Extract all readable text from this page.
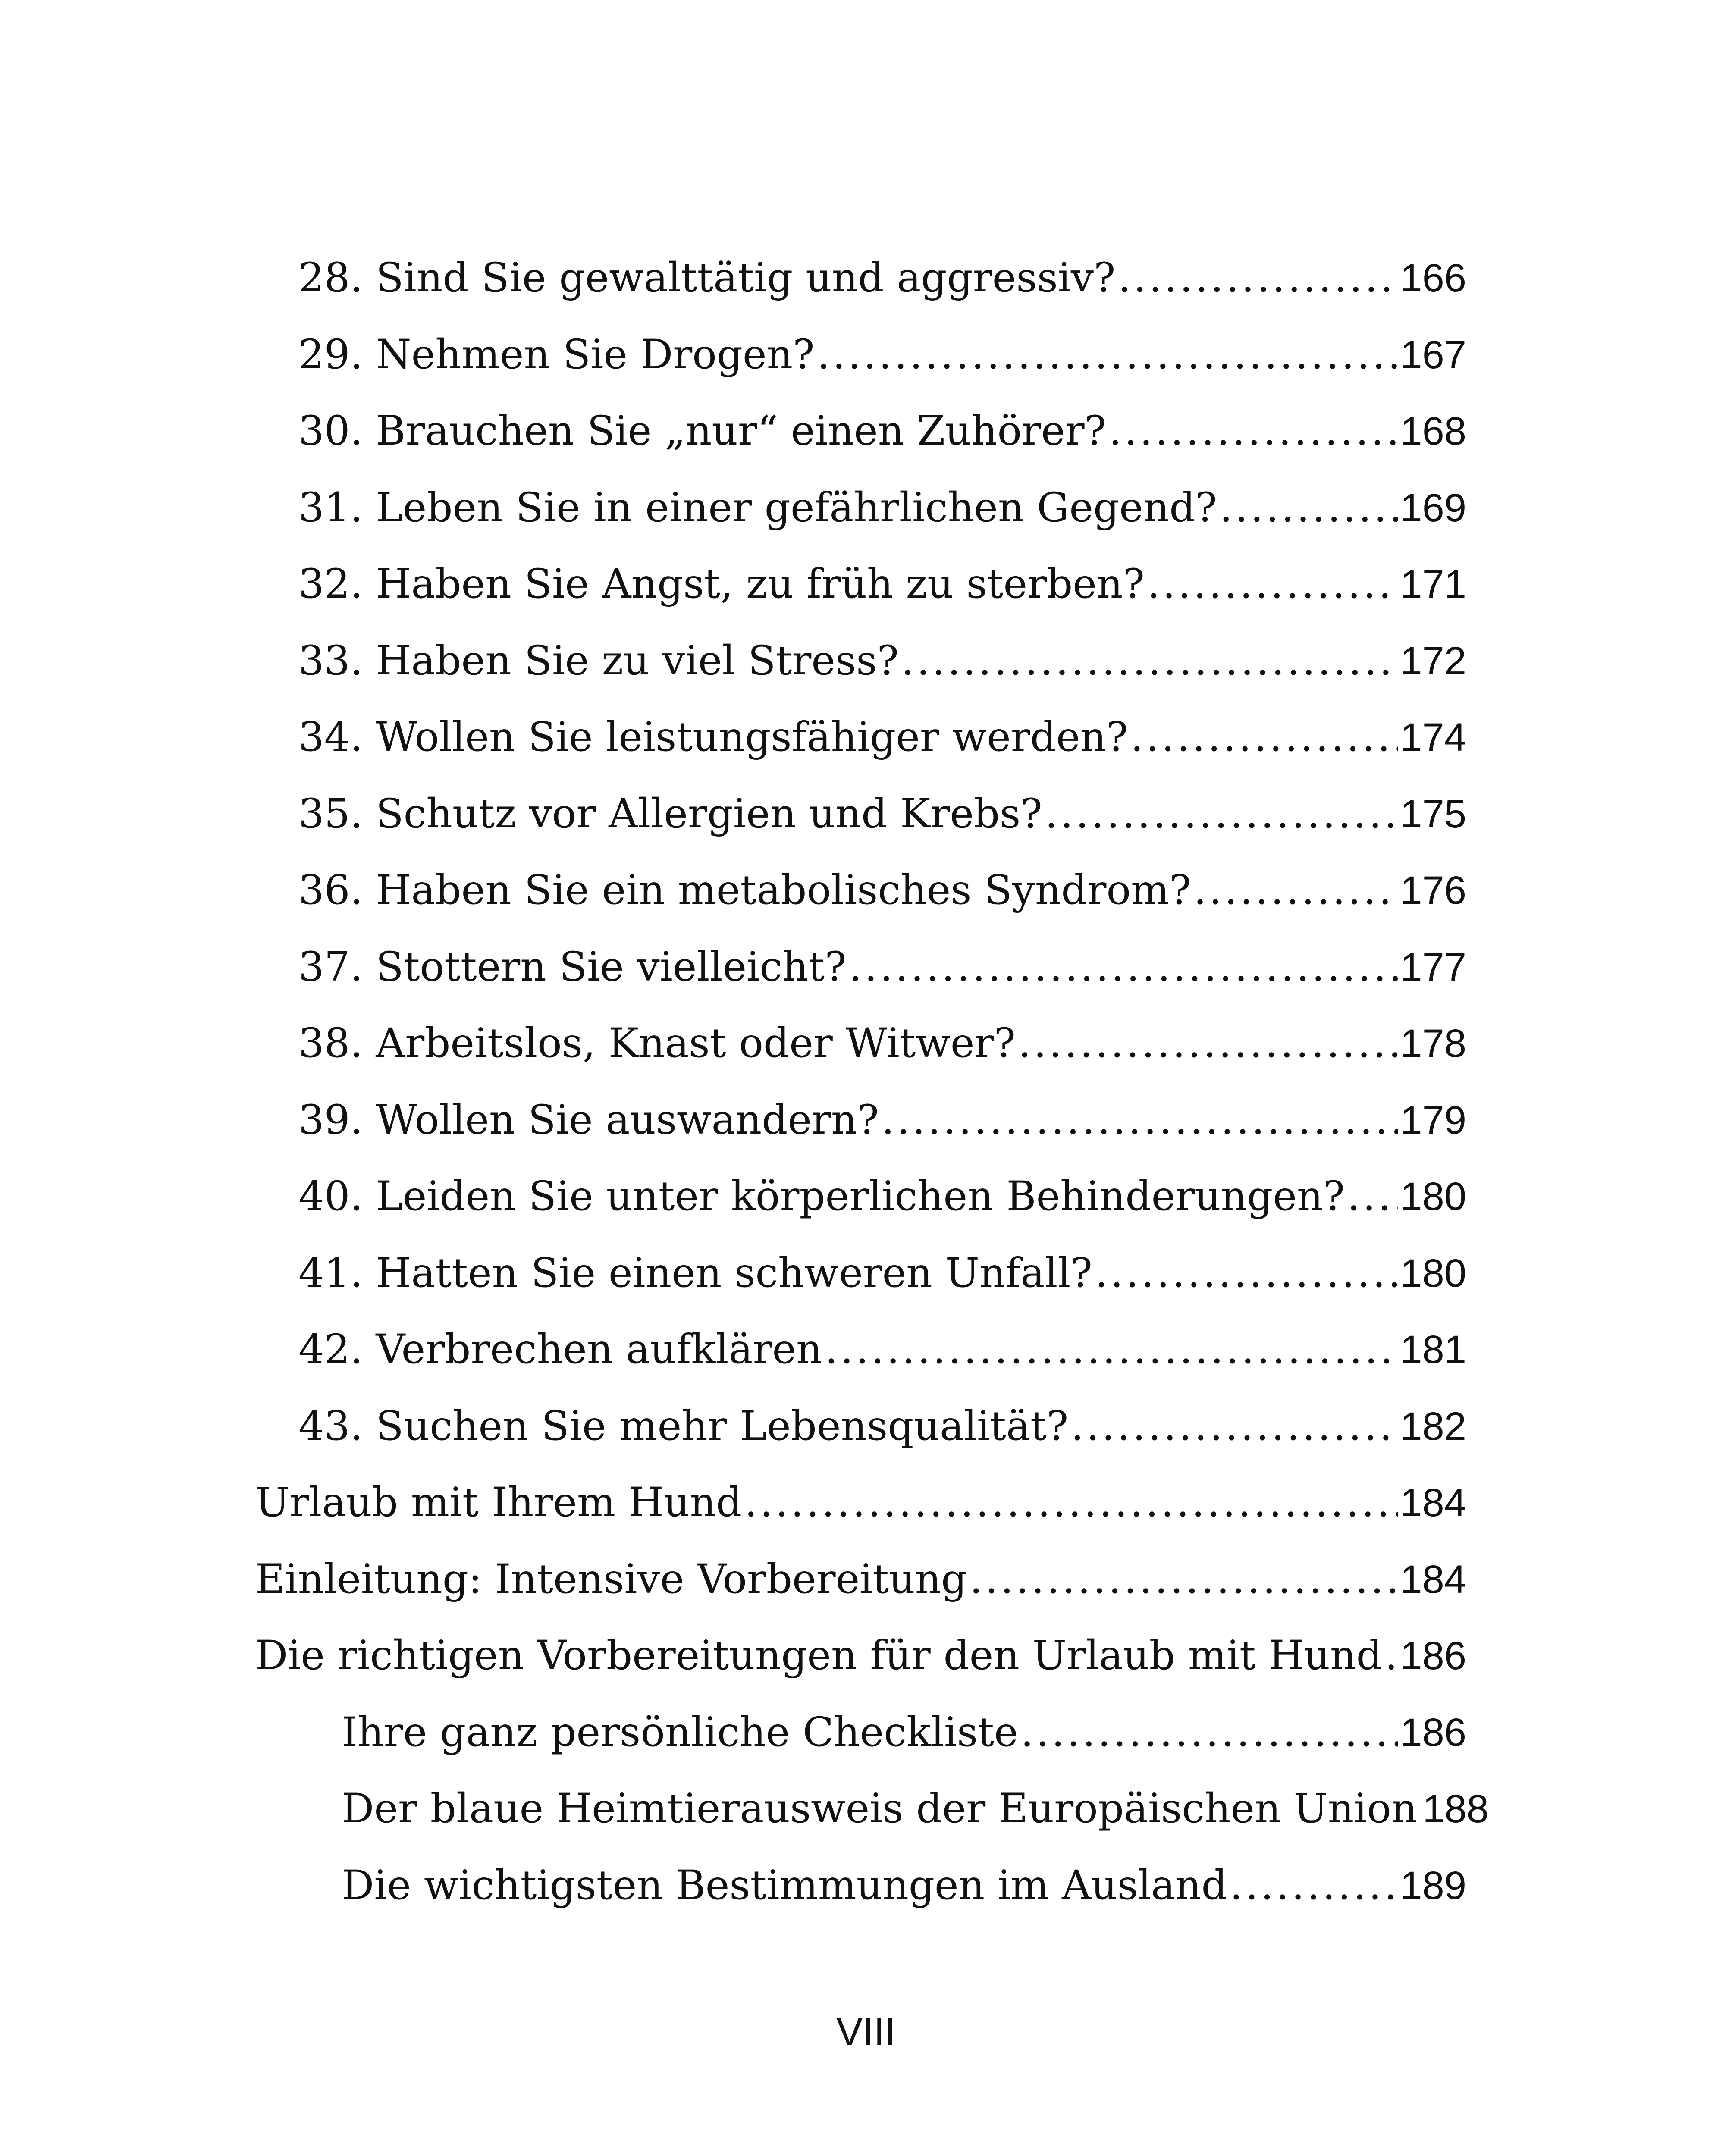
28. Sind Sie gewalttätig und aggressiv? . . .	166
29. Nehmen Sie Drogen? . . .	167
30. Brauchen Sie „nur“ einen Zuhörer? . . .	168
31. Leben Sie in einer gefährlichen Gegend? . . .	169
32. Haben Sie Angst, zu früh zu sterben? . . .	171
33. Haben Sie zu viel Stress? . . .	172
34. Wollen Sie leistungsfähiger werden? . . .	174
35. Schutz vor Allergien und Krebs? . . .	175
36. Haben Sie ein metabolisches Syndrom? . . .	176
37. Stottern Sie vielleicht? . . .	177
38. Arbeitslos, Knast oder Witwer? . . .	178
39. Wollen Sie auswandern? . . .	179
40. Leiden Sie unter körperlichen Behinderungen? . . . 180
41. Hatten Sie einen schweren Unfall? . . .	180
42. Verbrechen aufklären . . .	181
43. Suchen Sie mehr Lebensqualität? . . .	182
Urlaub mit Ihrem Hund . . .	184
Einleitung: Intensive Vorbereitung . . .	184
Die richtigen Vorbereitungen für den Urlaub mit Hund . . . 186
Ihre ganz persönliche Checkliste . . .	186
Der blaue Heimtierausweis der Europäischen Union 188
Die wichtigsten Bestimmungen im Ausland . . .	189
VIII
